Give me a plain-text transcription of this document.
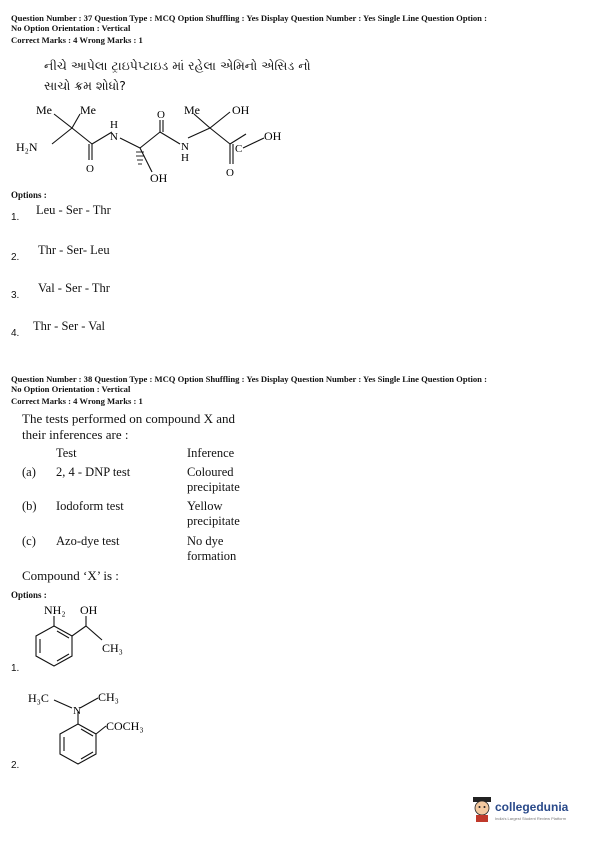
Question Number : 37 Question Type : MCQ Option Shuffling : Yes Display Question Number : Yes Single Line Question Option :
No Option Orientation : Vertical
Correct Marks : 4 Wrong Marks : 1
નીચે આપેલા ટ્રાઇપેપ્ટાઇડ માં રહેલા એમિનો એસિડ નો
સાચો ક્રમ શોધો?
Me Me	Me
H₂N
H
N
O
O
N
H
OH
OH
C
OH
O
Options :
1.
Leu - Ser - Thr
2.
Thr - Ser- Leu
3.
Val - Ser - Thr
4.
Thr - Ser - Val
Question Number : 38 Question Type : MCQ Option Shuffling : Yes Display Question Number : Yes Single Line Question Option :
No Option Orientation : Vertical
Correct Marks : 4 Wrong Marks : 1
The tests performed on compound X and
their inferences are :
Test	Inference
(a) 2, 4 - DNP test	Coloured
precipitate
(b) Iodoform test	Yellow
precipitate
(c) Azo-dye test	No dye
formation
Compound ‘X’ is :
Options :
NH₂ OH
CH₃
1.
H₃C
N
CH₃
COCH₃
2.
collegedunia
India's Largest Student Review Platform
